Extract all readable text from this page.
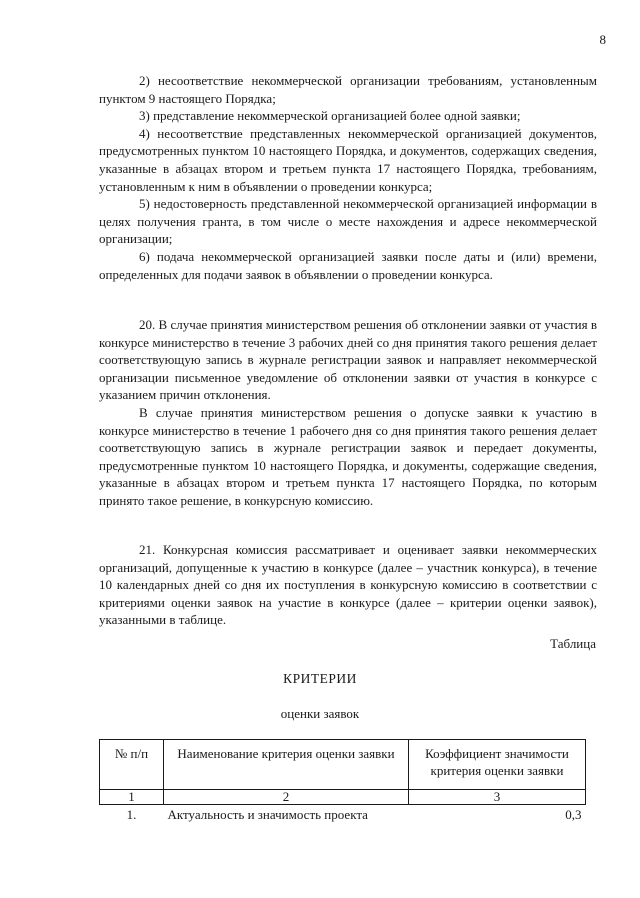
8

2) несоответствие некоммерческой организации требованиям, установленным пунктом 9 настоящего Порядка;

3) представление некоммерческой организацией более одной заявки;

4) несоответствие представленных некоммерческой организацией документов, предусмотренных пунктом 10 настоящего Порядка, и документов, содержащих сведения, указанные в абзацах втором и третьем пункта 17 настоящего Порядка, требованиям, установленным к ним в объявлении о проведении конкурса;

5) недостоверность представленной некоммерческой организацией информации в целях получения гранта, в том числе о месте нахождения и адресе некоммерческой организации;

6) подача некоммерческой организацией заявки после даты и (или) времени, определенных для подачи заявок в объявлении о проведении конкурса.

20. В случае принятия министерством решения об отклонении заявки от участия в конкурсе министерство в течение 3 рабочих дней со дня принятия такого решения делает соответствующую запись в журнале регистрации заявок и направляет некоммерческой организации письменное уведомление об отклонении заявки от участия в конкурсе с указанием причин отклонения.

В случае принятия министерством решения о допуске заявки к участию в конкурсе министерство в течение 1 рабочего дня со дня принятия такого решения делает соответствующую запись в журнале регистрации заявок и передает документы, предусмотренные пунктом 10 настоящего Порядка, и документы, содержащие сведения, указанные в абзацах втором и третьем пункта 17 настоящего Порядка, по которым принято такое решение, в конкурсную комиссию.

21. Конкурсная комиссия рассматривает и оценивает заявки некоммерческих организаций, допущенные к участию в конкурсе (далее – участник конкурса), в течение 10 календарных дней со дня их поступления в конкурсную комиссию в соответствии с критериями оценки заявок на участие в конкурсе (далее – критерии оценки заявок), указанными в таблице.

Таблица
КРИТЕРИИ
оценки заявок
№ п/п	Наименование критерия оценки заявки	Коэффициент значимости критерия оценки заявки
1	2	3
1.	Актуальность и значимость проекта	0,3
